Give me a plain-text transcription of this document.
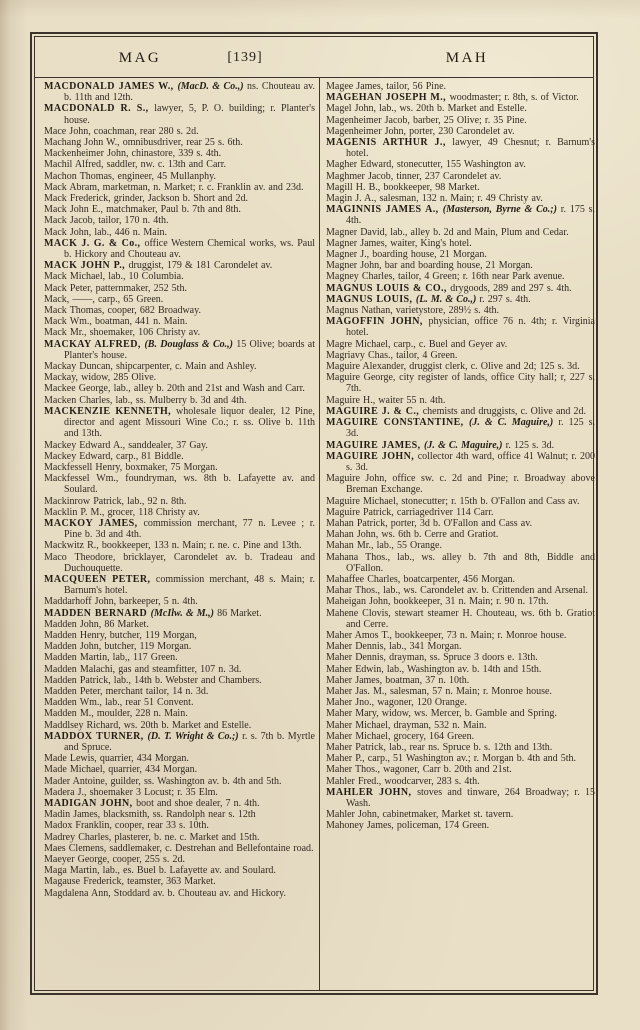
MAG	[139]	MAH
MACDONALD JAMES W., (MacD. & Co.,) ns. Chouteau av. b. 11th and 12th.
MACDONALD R. S., lawyer, 5, P. O. building; r. Planter's house.
Mace John, coachman, rear 280 s. 2d.
Machang John W., omnibusdriver, rear 25 s. 6th.
Mackenheimer John, chinastore, 339 s. 4th.
Machil Alfred, saddler, nw. c. 13th and Carr.
Machon Thomas, engineer, 45 Mullanphy.
Mack Abram, marketman, n. Market; r. c. Franklin av. and 23d.
Mack Frederick, grinder, Jackson b. Short and 2d.
Mack John E., matchmaker, Paul b. 7th and 8th.
Mack Jacob, tailor, 170 n. 4th.
Mack John, lab., 446 n. Main.
MACK J. G. & Co., office Western Chemical works, ws. Paul b. Hickory and Chouteau av.
MACK JOHN P., druggist, 179 & 181 Carondelet av.
Mack Michael, lab., 10 Columbia.
Mack Peter, patternmaker, 252 5th.
Mack, ——, carp., 65 Green.
Mack Thomas, cooper, 682 Broadway.
Mack Wm., boatman, 441 n. Main.
Mack Mr., shoemaker, 106 Christy av.
MACKAY ALFRED, (B. Douglass & Co.,) 15 Olive; boards at Planter's house.
Mackay Duncan, shipcarpenter, c. Main and Ashley.
Mackay, widow, 285 Olive.
Mackee George, lab., alley b. 20th and 21st and Wash and Carr.
Macken Charles, lab., ss. Mulberry b. 3d and 4th.
MACKENZIE KENNETH, wholesale liquor dealer, 12 Pine, director and agent Missouri Wine Co.; r. ss. Olive b. 11th and 13th.
Mackey Edward A., sanddealer, 37 Gay.
Mackey Edward, carp., 81 Biddle.
Mackfessell Henry, boxmaker, 75 Morgan.
Mackfessel Wm., foundryman, ws. 8th b. Lafayette av. and Soulard.
Mackinrow Patrick, lab., 92 n. 8th.
Macklin P. M., grocer, 118 Christy av.
MACKOY JAMES, commission merchant, 77 n. Levee ; r. Pine b. 3d and 4th.
Mackwitz R., bookkeeper, 133 n. Main; r. ne. c. Pine and 13th.
Maco Theodore, bricklayer, Carondelet av. b. Tradeau and Duchouquette.
MACQUEEN PETER, commission merchant, 48 s. Main; r. Barnum's hotel.
Maddarhoff John, barkeeper, 5 n. 4th.
MADDEN BERNARD (McIlw. & M.,) 86 Market.
Madden John, 86 Market.
Madden Henry, butcher, 119 Morgan,
Madden John, butcher, 119 Morgan.
Madden Martin, lab,, 117 Green.
Madden Malachi, gas and steamfitter, 107 n. 3d.
Madden Patrick, lab., 14th b. Webster and Chambers.
Madden Peter, merchant tailor, 14 n. 3d.
Madden Wm., lab., rear 51 Convent.
Madden M., moulder, 228 n. Main.
Maddlsey Richard, ws. 20th b. Market and Estelle.
MADDOX TURNER, (D. T. Wright & Co.;) r. s. 7th b. Myrtle and Spruce.
Made Lewis, quarrier, 434 Morgan.
Made Michael, quarrier, 434 Morgan.
Mader Antoine, guilder, ss. Washington av. b. 4th and 5th.
Madera J., shoemaker 3 Locust; r. 35 Elm.
MADIGAN JOHN, boot and shoe dealer, 7 n. 4th.
Madin James, blacksmith, ss. Randolph near s. 12th
Madox Franklin, cooper, rear 33 s. 10th.
Madrey Charles, plasterer, b. ne. c. Market and 15th.
Maes Clemens, saddlemaker, c. Destrehan and Bellefontaine road.
Maeyer George, cooper, 255 s. 2d.
Maga Martin, lab., es. Buel b. Lafayette av. and Soulard.
Magause Frederick, teamster, 363 Market.
Magdalena Ann, Stoddard av. b. Chouteau av. and Hickory.
Magee James, tailor, 56 Pine.
MAGEHAN JOSEPH M., woodmaster; r. 8th, s. of Victor.
Magel John, lab., ws. 20th b. Market and Estelle.
Magenheimer Jacob, barber, 25 Olive; r. 35 Pine.
Magenheimer John, porter, 230 Carondelet av.
MAGENIS ARTHUR J., lawyer, 49 Chesnut; r. Barnum's hotel.
Magher Edward, stonecutter, 155 Washington av.
Maghmer Jacob, tinner, 237 Carondelet av.
Magill H. B., bookkeeper, 98 Market.
Magin J. A., salesman, 132 n. Main; r. 49 Christy av.
MAGINNIS JAMES A., (Masterson, Byrne & Co.;) r. 175 s. 4th.
Magner David, lab., alley b. 2d and Main, Plum and Cedar.
Magner James, waiter, King's hotel.
Magner J., boarding house, 21 Morgan.
Magner John, bar and boarding house, 21 Morgan.
Magney Charles, tailor, 4 Green; r. 16th near Park avenue.
MAGNUS LOUIS & CO., drygoods, 289 and 297 s. 4th.
MAGNUS LOUIS, (L. M. & Co.,) r. 297 s. 4th.
Magnus Nathan, varietystore, 289½ s. 4th.
MAGOFFIN JOHN, physician, office 76 n. 4th; r. Virginia hotel.
Magre Michael, carp., c. Buel and Geyer av.
Magriavy Chas., tailor, 4 Green.
Maguire Alexander, druggist clerk, c. Olive and 2d; 125 s. 3d.
Maguire George, city register of lands, office City hall; r, 227 s. 7th.
Maguire H., waiter 55 n. 4th.
MAGUIRE J. & C., chemists and druggists, c. Olive and 2d.
MAGUIRE CONSTANTINE, (J. & C. Maguire,) r. 125 s. 3d.
MAGUIRE JAMES, (J. & C. Maguire,) r. 125 s. 3d.
MAGUIRE JOHN, collector 4th ward, office 41 Walnut; r. 200 s. 3d.
Maguire John, office sw. c. 2d and Pine; r. Broadway above Breman Exchange.
Maguire Michael, stonecutter; r. 15th b. O'Fallon and Cass av.
Maguire Patrick, carriagedriver 114 Carr.
Mahan Patrick, porter, 3d b. O'Fallon and Cass av.
Mahan John, ws. 6th b. Cerre and Gratiot.
Mahan Mr., lab., 55 Orange.
Mahana Thos., lab., ws. alley b. 7th and 8th, Biddle and O'Fallon.
Mahaffee Charles, boatcarpenter, 456 Morgan.
Mahar Thos., lab., ws. Carondelet av. b. Crittenden and Arsenal.
Maheigan John, bookkeeper, 31 n. Main; r. 90 n. 17th.
Mahene Clovis, stewart steamer H. Chouteau, ws. 6th b. Gratiot and Cerre.
Maher Amos T., bookkeeper, 73 n. Main; r. Monroe house.
Maher Dennis, lab., 341 Morgan.
Maher Dennis, drayman, ss. Spruce 3 doors e. 13th.
Maher Edwin, lab., Washington av. b. 14th and 15th.
Maher James, boatman, 37 n. 10th.
Maher Jas. M., salesman, 57 n. Main; r. Monroe house.
Maher Jno., wagoner, 120 Orange.
Maher Mary, widow, ws. Mercer, b. Gamble and Spring.
Maher Michael, drayman, 532 n. Main.
Maher Michael, grocery, 164 Green.
Maher Patrick, lab., rear ns. Spruce b. s. 12th and 13th.
Maher P., carp., 51 Washington av.; r. Morgan b. 4th and 5th.
Maher Thos., wagoner, Carr b. 20th and 21st.
Mahler Fred., woodcarver, 283 s. 4th.
MAHLER JOHN, stoves and tinware, 264 Broadway; r. 15 Wash.
Mahler John, cabinetmaker, Market st. tavern.
Mahoney James, policeman, 174 Green.
